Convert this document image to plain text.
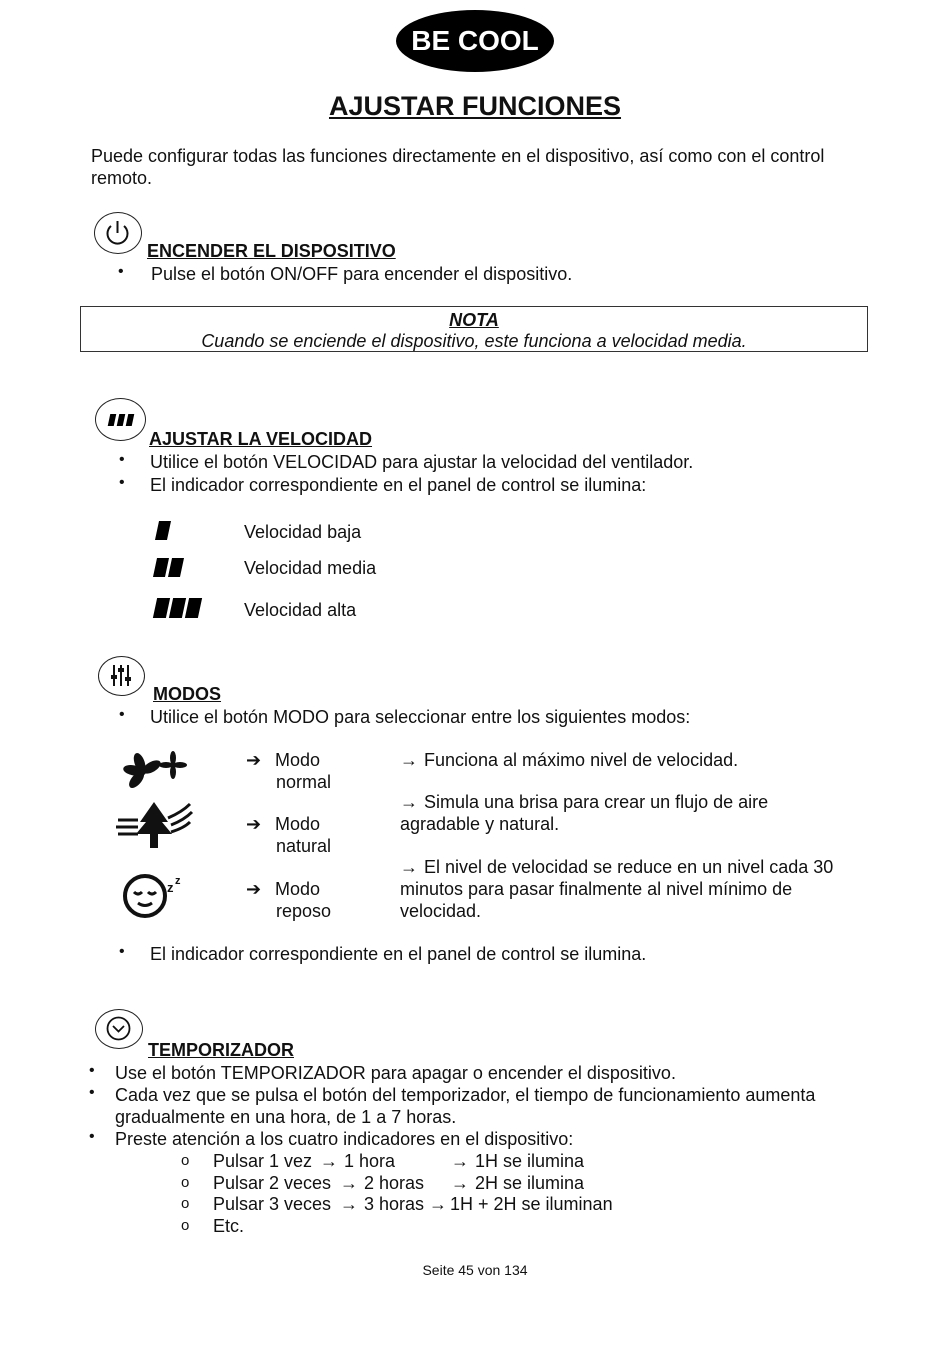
BE COOL
AJUSTAR FUNCIONES
Puede configurar todas las funciones directamente en el dispositivo, así como con el control
remoto.
ENCENDER EL DISPOSITIVO
• Pulse el botón ON/OFF para encender el dispositivo.
NOTA
Cuando se enciende el dispositivo, este funciona a velocidad media.
AJUSTAR LA VELOCIDAD
• Utilice el botón VELOCIDAD para ajustar la velocidad del ventilador.
• El indicador correspondiente en el panel de control se ilumina:
Velocidad baja
Velocidad media
Velocidad alta
MODOS
• Utilice el botón MODO para seleccionar entre los siguientes modos:
➔ Modo
normal
→ Funciona al máximo nivel de velocidad.
➔ Modo
natural
→ Simula una brisa para crear un flujo de aire
agradable y natural.
z z	➔ Modo
reposo
→ El nivel de velocidad se reduce en un nivel cada 30
minutos para pasar finalmente al nivel mínimo de
velocidad.
• El indicador correspondiente en el panel de control se ilumina.
TEMPORIZADOR
• Use el botón TEMPORIZADOR para apagar o encender el dispositivo.
• Cada vez que se pulsa el botón del temporizador, el tiempo de funcionamiento aumenta
gradualmente en una hora, de 1 a 7 horas.
• Preste atención a los cuatro indicadores en el dispositivo:
o Pulsar 1 vez → 1 hora	→ 1H se ilumina
o Pulsar 2 veces → 2 horas → 2H se ilumina
o Pulsar 3 veces → 3 horas → 1H + 2H se iluminan
o Etc.
Seite 45 von 134
